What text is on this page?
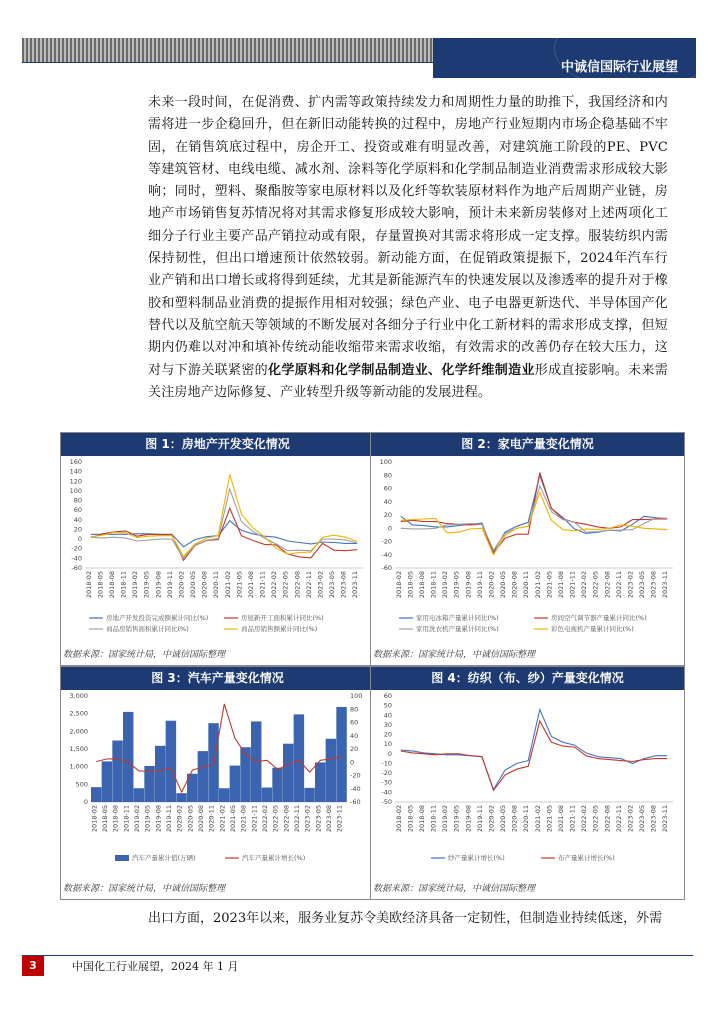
中诚信国际行业展望
未来一段时间，在促消费、扩内需等政策持续发力和周期性力量的助推下，我国经济和内需将进一步企稳回升，但在新旧动能转换的过程中，房地产行业短期内市场企稳基础不牢固，在销售筑底过程中，房企开工、投资或难有明显改善，对建筑施工阶段的PE、PVC等建筑管材、电线电缆、减水剂、涂料等化学原料和化学制品制造业消费需求形成较大影响；同时，塑料、聚酯胺等家电原材料以及化纤等软装原材料作为地产后周期产业链，房地产市场销售复苏情况将对其需求修复形成较大影响，预计未来新房装修对上述两项化工细分子行业主要产品产销拉动或有限，存量置换对其需求将形成一定支撑。服装纺织内需保持韧性，但出口增速预计依然较弱。新动能方面，在促销政策提振下，2024年汽车行业产销和出口增长或将得到延续，尤其是新能源汽车的快速发展以及渗透率的提升对于橡胶和塑料制品业消费的提振作用相对较强；绿色产业、电子电器更新迭代、半导体国产化替代以及航空航天等领域的不断发展对各细分子行业中化工新材料的需求形成支撑，但短期内仍难以对冲和填补传统动能收缩带来需求收缩，有效需求的改善仍存在较大压力，这对与下游关联紧密的化学原料和化学制品制造业、化学纤维制造业形成直接影响。未来需关注房地产边际修复、产业转型升级等新动能的发展进程。
图 1：房地产开发变化情况
160
140
120
100
80
60
40
20
0
-20
-40
-60
2018-02 2018-05 2018-08 2018-11 2019-02 2019-05 2019-08 2019-11 2020-02 2020-05 2020-08 2020-11 2021-02 2021-05 2021-08 2021-11 2022-02 2022-05 2022-08 2022-11 2023-02 2023-05 2023-08 2023-11
房地产开发投资完成额累计同比(%)	房屋新开工面积累计同比(%)
商品房销售面积累计同比(%)	商品房销售额累计同比(%)
数据来源：国家统计局，中诚信国际整理
图 2：家电产量变化情况
100
80
60
40
20
0
-20
-40
-60
2018-02 2018-05 2018-08 2018-11 2019-02 2019-05 2019-08 2019-11 2020-02 2020-05 2020-08 2020-11 2021-02 2021-05 2021-08 2021-11 2022-02 2022-05 2022-08 2022-11 2023-02 2023-05 2023-08 2023-11
家用电冰箱产量累计同比(%)	房间空气调节器产量累计同比(%)
家用洗衣机产量累计同比(%)	彩色电视机产量累计同比(%)
数据来源：国家统计局，中诚信国际整理
图 3：汽车产量变化情况
3,000
2,500
2,000
1,500
1,000
500
0
100
80
60
40
20
0
-20
-40
-60
2018-02 2018-05 2018-08 2018-11 2019-02 2019-05 2019-08 2019-11 2020-02 2020-05 2020-08 2020-11 2021-02 2021-05 2021-08 2021-11 2022-02 2022-05 2022-08 2022-11 2023-02 2023-05 2023-08 2023-11
汽车产量累计值(万辆)	汽车产量累计增长(%)
数据来源：国家统计局，中诚信国际整理
图 4：纺织（布、纱）产量变化情况
60
50
40
30
20
10
0
-10
-20
-30
-40
-50
2018-02 2018-05 2018-08 2018-11 2019-02 2019-05 2019-08 2019-11 2020-02 2020-05 2020-08 2020-11 2021-02 2021-05 2021-08 2021-11 2022-02 2022-05 2022-08 2022-11 2023-02 2023-05 2023-08 2023-11
纱产量累计增长(%)	布产量累计增长(%)
数据来源：国家统计局，中诚信国际整理
出口方面，2023年以来，服务业复苏令美欧经济具备一定韧性，但制造业持续低迷，外需
3	中国化工行业展望，2024 年 1 月
